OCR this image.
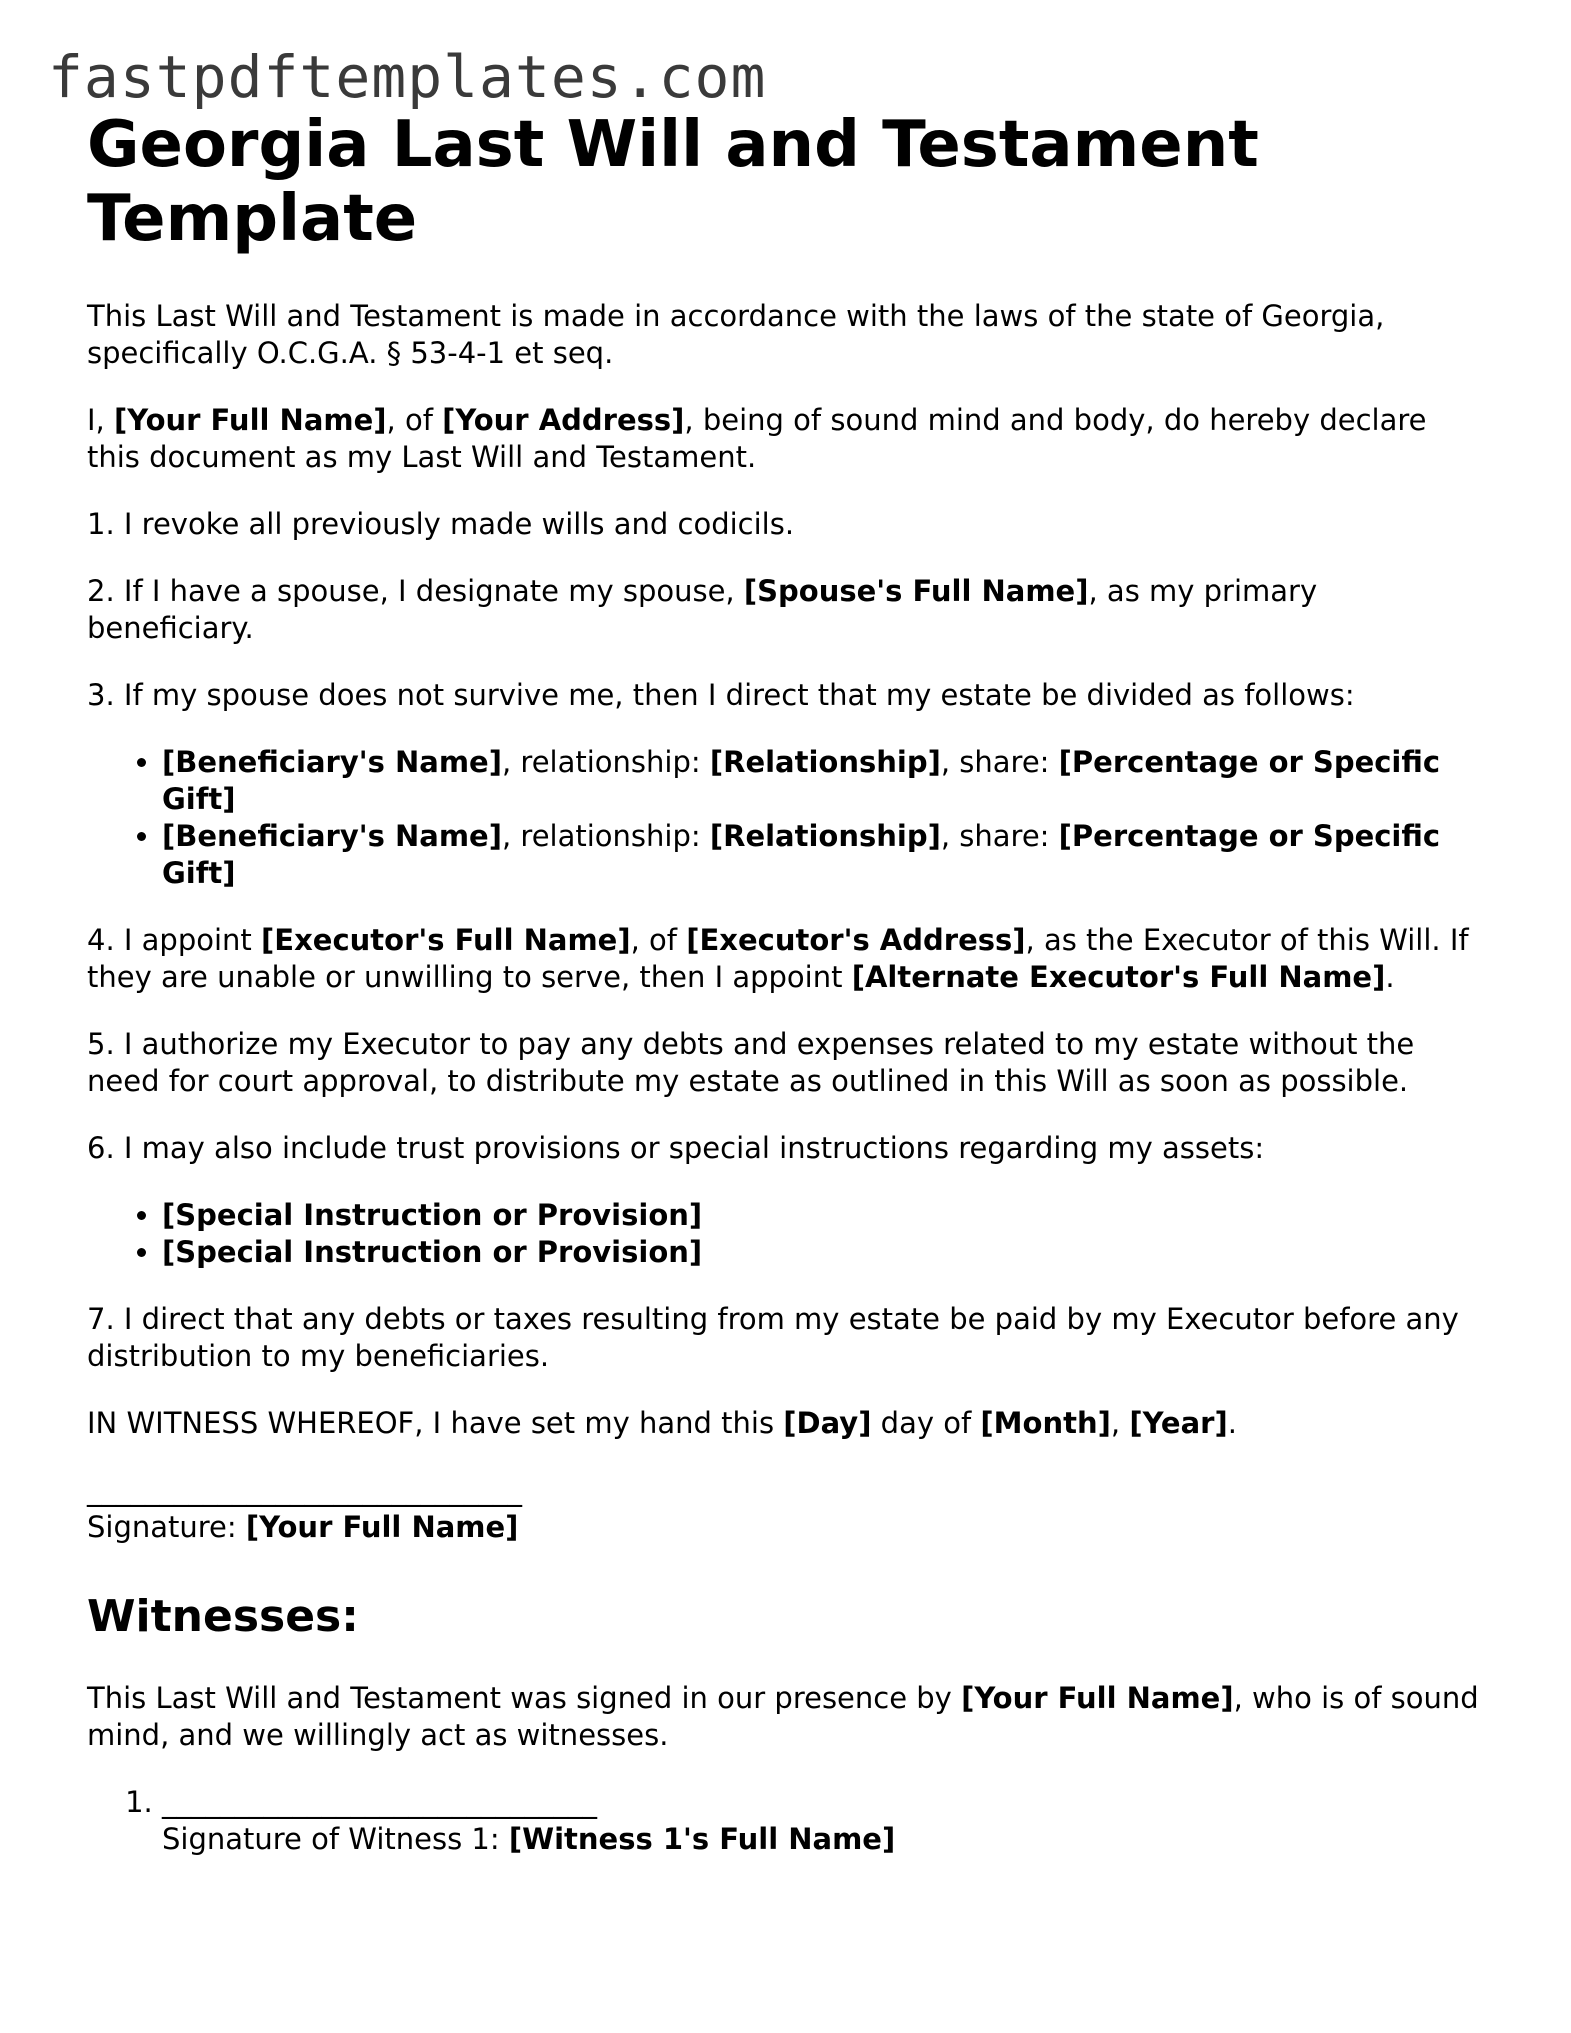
fastpdftemplates.com
Georgia Last Will and Testament Template

This Last Will and Testament is made in accordance with the laws of the state of Georgia, specifically O.C.G.A. § 53-4-1 et seq.

I, [Your Full Name], of [Your Address], being of sound mind and body, do hereby declare this document as my Last Will and Testament.

1. I revoke all previously made wills and codicils.

2. If I have a spouse, I designate my spouse, [Spouse's Full Name], as my primary beneficiary.

3. If my spouse does not survive me, then I direct that my estate be divided as follows:

• [Beneficiary's Name], relationship: [Relationship], share: [Percentage or Specific Gift]
• [Beneficiary's Name], relationship: [Relationship], share: [Percentage or Specific Gift]

4. I appoint [Executor's Full Name], of [Executor's Address], as the Executor of this Will. If they are unable or unwilling to serve, then I appoint [Alternate Executor's Full Name].

5. I authorize my Executor to pay any debts and expenses related to my estate without the need for court approval, to distribute my estate as outlined in this Will as soon as possible.

6. I may also include trust provisions or special instructions regarding my assets:

• [Special Instruction or Provision]
• [Special Instruction or Provision]

7. I direct that any debts or taxes resulting from my estate be paid by my Executor before any distribution to my beneficiaries.

IN WITNESS WHEREOF, I have set my hand this [Day] day of [Month], [Year].

______________________________
Signature: [Your Full Name]
Witnesses:

This Last Will and Testament was signed in our presence by [Your Full Name], who is of sound mind, and we willingly act as witnesses.

1. ______________________________
Signature of Witness 1: [Witness 1's Full Name]
